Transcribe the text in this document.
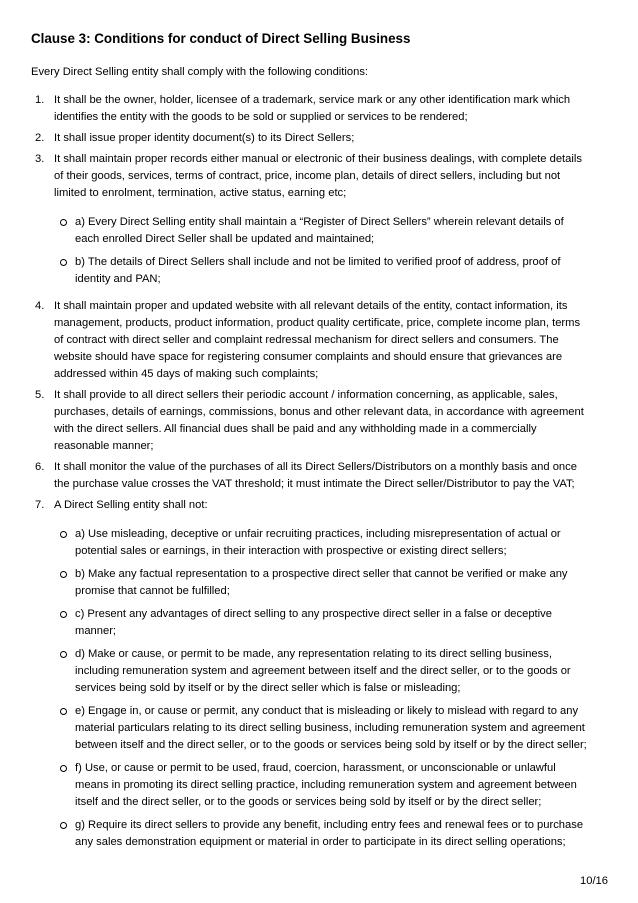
Clause 3: Conditions for conduct of Direct Selling Business
Every Direct Selling entity shall comply with the following conditions:
1. It shall be the owner, holder, licensee of a trademark, service mark or any other identification mark which identifies the entity with the goods to be sold or supplied or services to be rendered;
2. It shall issue proper identity document(s) to its Direct Sellers;
3. It shall maintain proper records either manual or electronic of their business dealings, with complete details of their goods, services, terms of contract, price, income plan, details of direct sellers, including but not limited to enrolment, termination, active status, earning etc;
a) Every Direct Selling entity shall maintain a “Register of Direct Sellers” wherein relevant details of each enrolled Direct Seller shall be updated and maintained;
b) The details of Direct Sellers shall include and not be limited to verified proof of address, proof of identity and PAN;
4. It shall maintain proper and updated website with all relevant details of the entity, contact information, its management, products, product information, product quality certificate, price, complete income plan, terms of contract with direct seller and complaint redressal mechanism for direct sellers and consumers. The website should have space for registering consumer complaints and should ensure that grievances are addressed within 45 days of making such complaints;
5. It shall provide to all direct sellers their periodic account / information concerning, as applicable, sales, purchases, details of earnings, commissions, bonus and other relevant data, in accordance with agreement with the direct sellers. All financial dues shall be paid and any withholding made in a commercially reasonable manner;
6. It shall monitor the value of the purchases of all its Direct Sellers/Distributors on a monthly basis and once the purchase value crosses the VAT threshold; it must intimate the Direct seller/Distributor to pay the VAT;
7. A Direct Selling entity shall not:
a) Use misleading, deceptive or unfair recruiting practices, including misrepresentation of actual or potential sales or earnings, in their interaction with prospective or existing direct sellers;
b) Make any factual representation to a prospective direct seller that cannot be verified or make any promise that cannot be fulfilled;
c) Present any advantages of direct selling to any prospective direct seller in a false or deceptive manner;
d) Make or cause, or permit to be made, any representation relating to its direct selling business, including remuneration system and agreement between itself and the direct seller, or to the goods or services being sold by itself or by the direct seller which is false or misleading;
e) Engage in, or cause or permit, any conduct that is misleading or likely to mislead with regard to any material particulars relating to its direct selling business, including remuneration system and agreement between itself and the direct seller, or to the goods or services being sold by itself or by the direct seller;
f) Use, or cause or permit to be used, fraud, coercion, harassment, or unconscionable or unlawful means in promoting its direct selling practice, including remuneration system and agreement between itself and the direct seller, or to the goods or services being sold by itself or by the direct seller;
g) Require its direct sellers to provide any benefit, including entry fees and renewal fees or to purchase any sales demonstration equipment or material in order to participate in its direct selling operations;
10/16
